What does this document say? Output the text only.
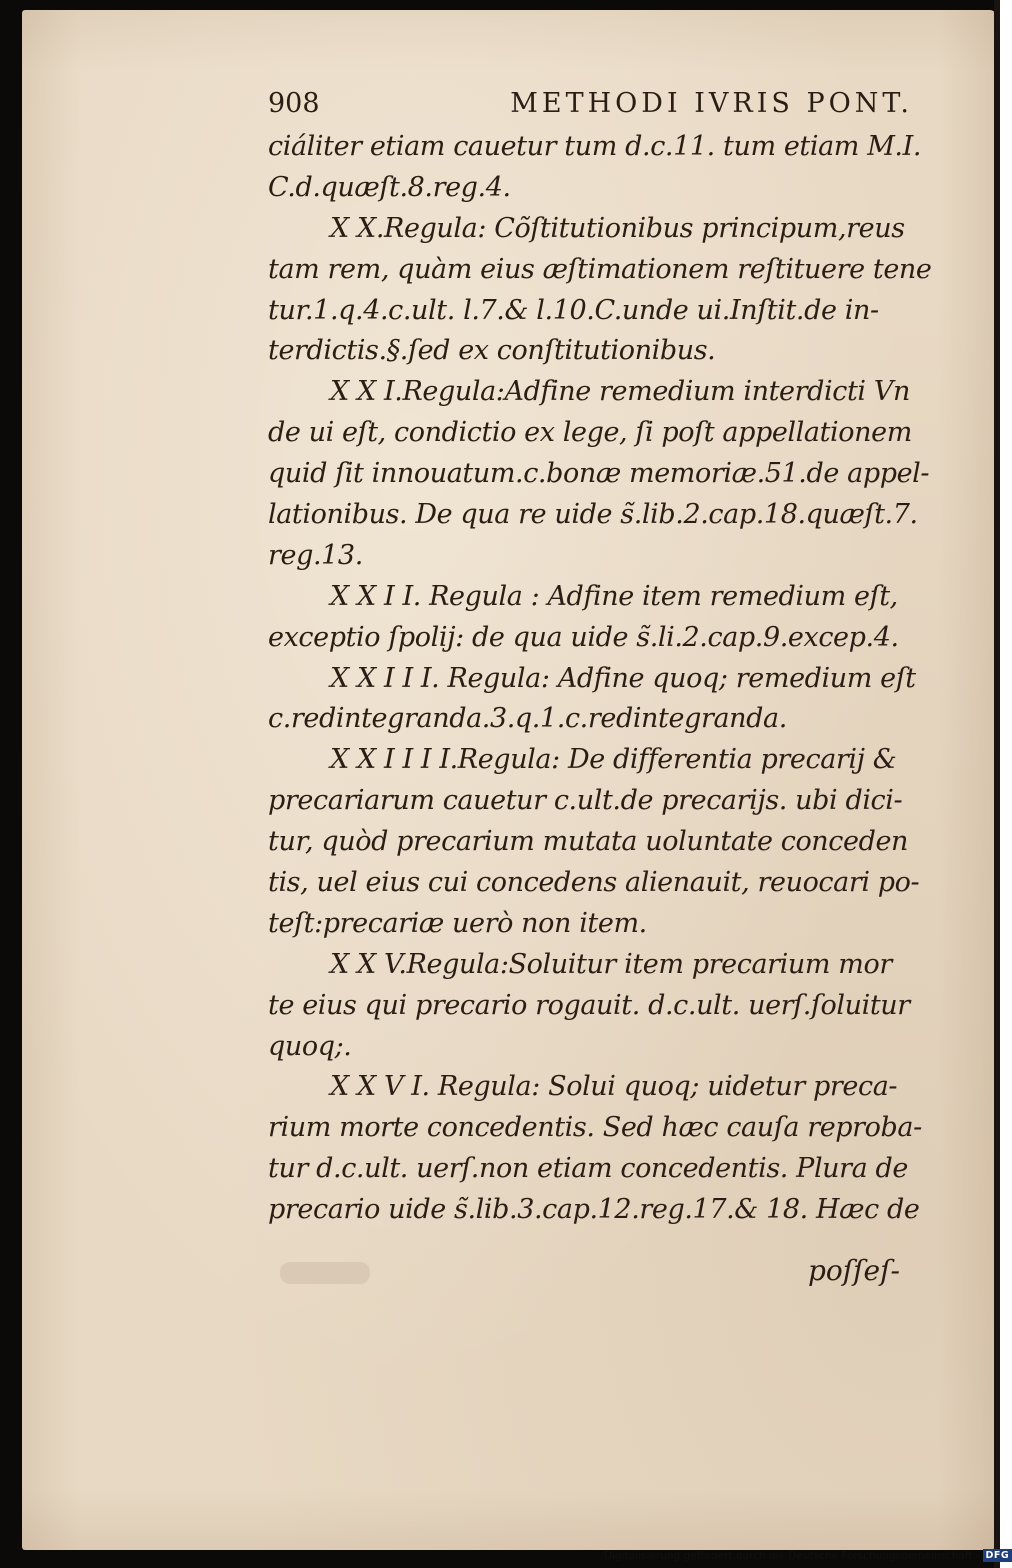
908	METHODI IVRIS PONT.
ciáliter etiam cauetur tum d.c.11. tum etiam M.I.
C.d.quæſt.8.reg.4.
X X.Regula: Cõſtitutionibus principum,reus
tam rem, quàm eius æſtimationem reſtituere tene
tur.1.q.4.c.ult. l.7.& l.10.C.unde ui.Inſtit.de in-
terdictis.§.ſed ex conſtitutionibus.
X X I.Regula:Adfine remedium interdicti Vn
de ui eſt, condictio ex lege, ſi poſt appellationem
quid ſit innouatum.c.bonæ memoriæ.51.de appel-
lationibus. De qua re uide s̃.lib.2.cap.18.quæſt.7.
reg.13.
X X I I. Regula : Adfine item remedium eſt,
exceptio ſpolij: de qua uide s̃.li.2.cap.9.excep.4.
X X I I I. Regula: Adfine quoq; remedium eſt
c.redintegranda.3.q.1.c.redintegranda.
X X I I I I.Regula: De differentia precarij &
precariarum cauetur c.ult.de precarijs. ubi dici-
tur, quòd precarium mutata uoluntate conceden
tis, uel eius cui concedens alienauit, reuocari po-
teſt:precariæ uerò non item.
X X V.Regula:Soluitur item precarium mor
te eius qui precario rogauit. d.c.ult. uerſ.ſoluitur
quoq;.
X X V I. Regula: Solui quoq; uidetur preca-
rium morte concedentis. Sed hæc cauſa reproba-
tur d.c.ult. uerſ.non etiam concedentis. Plura de
precario uide s̃.lib.3.cap.12.reg.17.& 18. Hæc de
poſſeſ-
Digitalisierung gefördert durch die Deutsche Forschungsgemeinschaft - DFG
